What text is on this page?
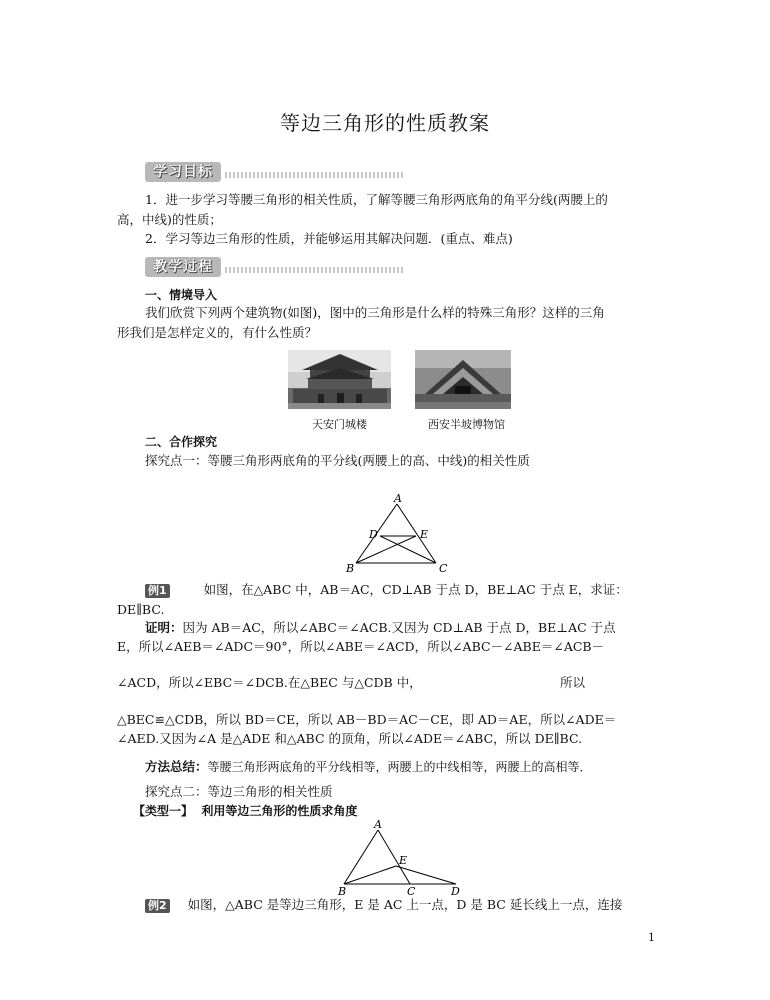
等边三角形的性质教案
学习目标
1．进一步学习等腰三角形的相关性质，了解等腰三角形两底角的角平分线(两腰上的
高，中线)的性质；
2．学习等边三角形的性质，并能够运用其解决问题．(重点、难点)
教学过程
一、情境导入
我们欣赏下列两个建筑物(如图)，图中的三角形是什么样的特殊三角形？这样的三角
形我们是怎样定义的，有什么性质？
天安门城楼	西安半坡博物馆
二、合作探究
探究点一：等腰三角形两底角的平分线(两腰上的高、中线)的相关性质
A
B	C
D	E
例1	如图，在△ABC 中，AB＝AC，CD⊥AB 于点 D，BE⊥AC 于点 E，求证：
DE∥BC.
证明：因为 AB＝AC，所以∠ABC＝∠ACB.又因为 CD⊥AB 于点 D，BE⊥AC 于点
E，所以∠AEB＝∠ADC＝90°，所以∠ABE＝∠ACD，所以∠ABC－∠ABE＝∠ACB－
∠ACD，所以∠EBC＝∠DCB.在△BEC 与△CDB 中，	所以
△BEC≌△CDB，所以 BD＝CE，所以 AB－BD＝AC－CE，即 AD＝AE，所以∠ADE＝
∠AED.又因为∠A 是△ADE 和△ABC 的顶角，所以∠ADE＝∠ABC，所以 DE∥BC.
方法总结：等腰三角形两底角的平分线相等，两腰上的中线相等，两腰上的高相等．
探究点二：等边三角形的相关性质
【类型一】 利用等边三角形的性质求角度
A
B	C	D
E
例2 如图，△ABC 是等边三角形，E 是 AC 上一点，D 是 BC 延长线上一点，连接
1
